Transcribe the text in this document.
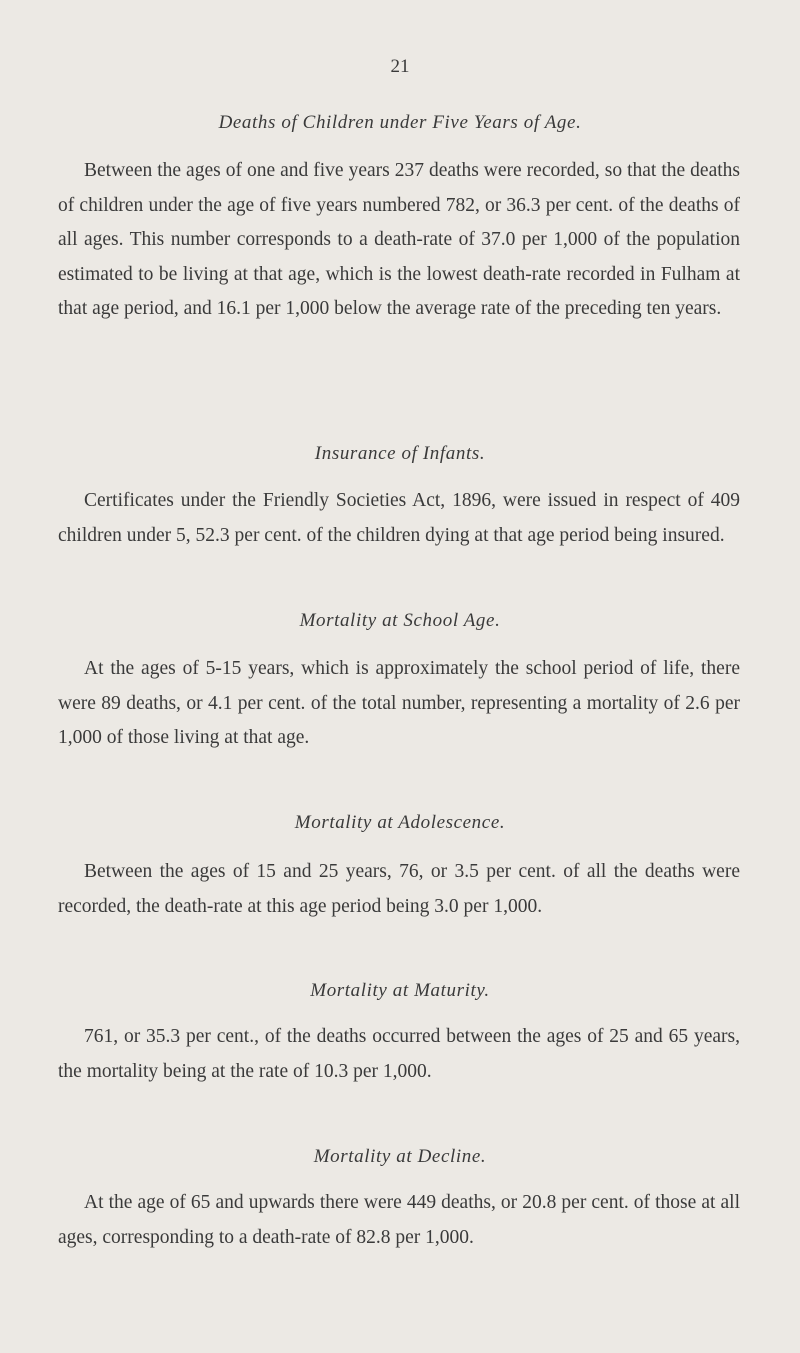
21
Deaths of Children under Five Years of Age.

Between the ages of one and five years 237 deaths were recorded, so that the deaths of children under the age of five years numbered 782, or 36.3 per cent. of the deaths of all ages. This number corresponds to a death-rate of 37.0 per 1,000 of the population estimated to be living at that age, which is the lowest death-rate recorded in Fulham at that age period, and 16.1 per 1,000 below the average rate of the preceding ten years.

Insurance of Infants.

Certificates under the Friendly Societies Act, 1896, were issued in respect of 409 children under 5, 52.3 per cent. of the children dying at that age period being insured.

Mortality at School Age.

At the ages of 5-15 years, which is approximately the school period of life, there were 89 deaths, or 4.1 per cent. of the total number, representing a mortality of 2.6 per 1,000 of those living at that age.

Mortality at Adolescence.

Between the ages of 15 and 25 years, 76, or 3.5 per cent. of all the deaths were recorded, the death-rate at this age period being 3.0 per 1,000.

Mortality at Maturity.

761, or 35.3 per cent., of the deaths occurred between the ages of 25 and 65 years, the mortality being at the rate of 10.3 per 1,000.

Mortality at Decline.

At the age of 65 and upwards there were 449 deaths, or 20.8 per cent. of those at all ages, corresponding to a death-rate of 82.8 per 1,000.
